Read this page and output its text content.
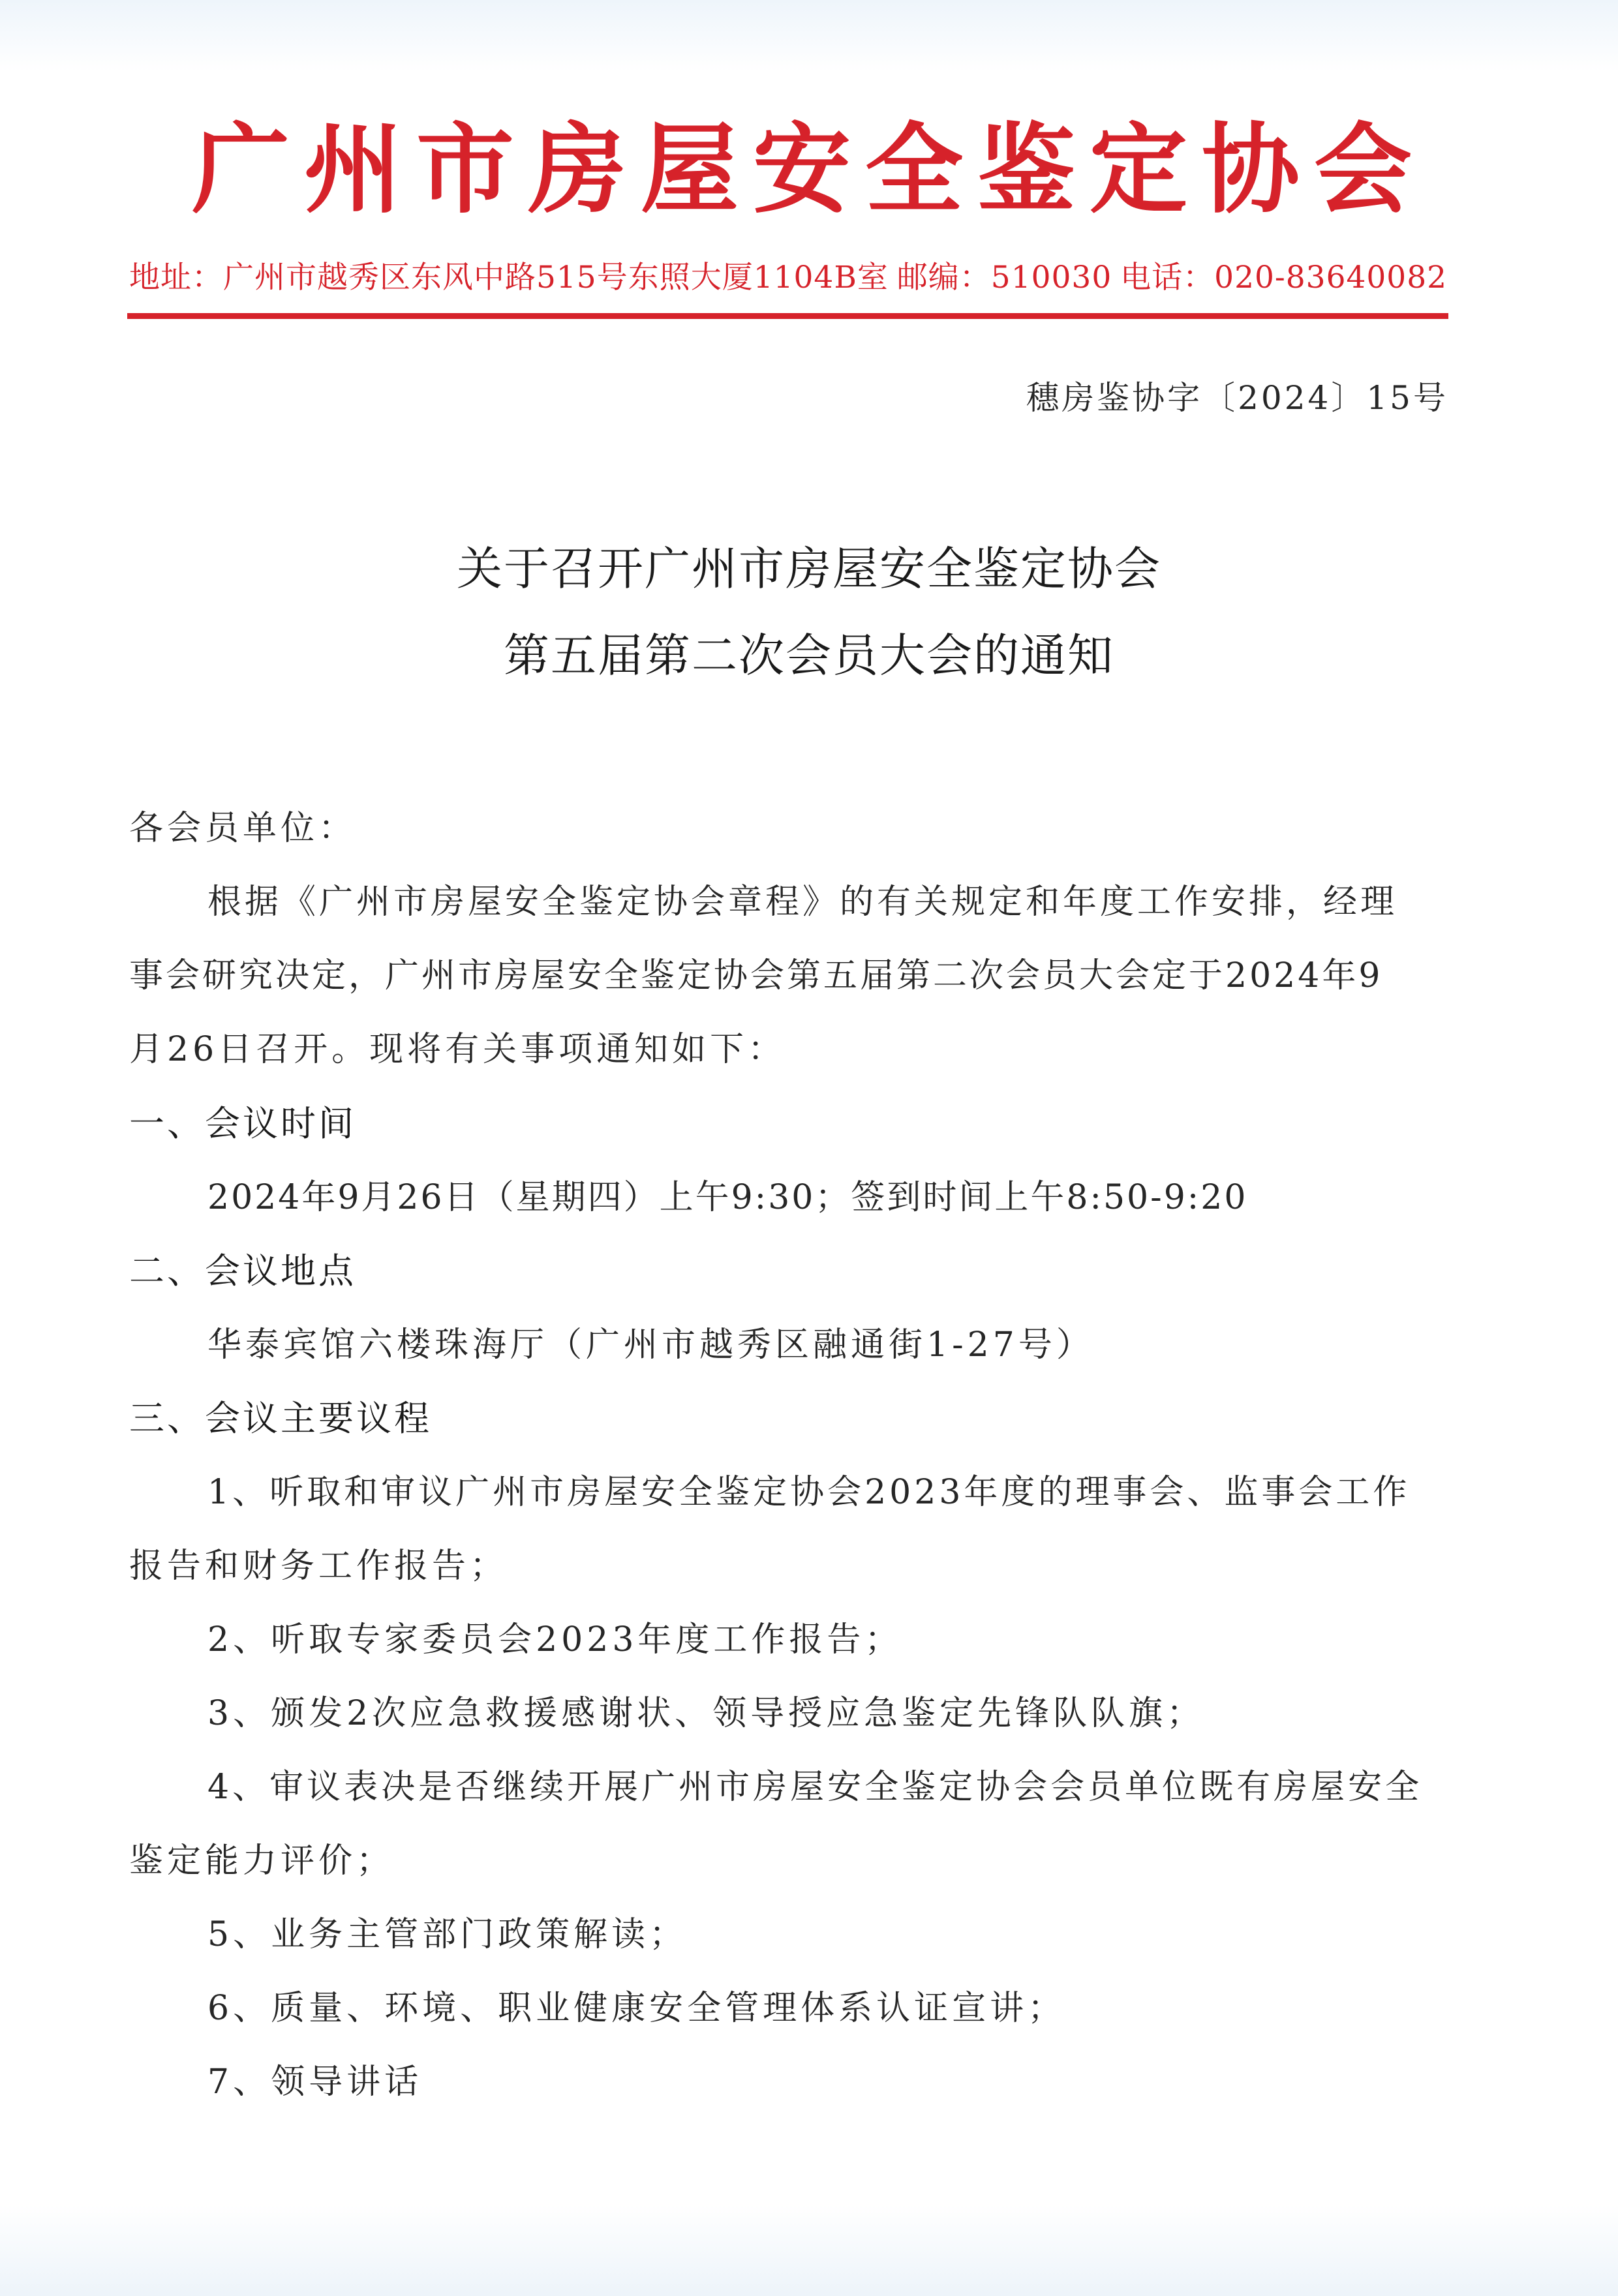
广州市房屋安全鉴定协会
地址：广州市越秀区东风中路515号东照大厦1104B室 邮编：510030 电话：020-83640082
穗房鉴协字〔2024〕15号
关于召开广州市房屋安全鉴定协会
第五届第二次会员大会的通知
各会员单位：
根据《广州市房屋安全鉴定协会章程》的有关规定和年度工作安排，经理
事会研究决定，广州市房屋安全鉴定协会第五届第二次会员大会定于2024年9
月26日召开。现将有关事项通知如下：
一、会议时间
2024年9月26日（星期四）上午9:30；签到时间上午8:50-9:20
二、会议地点
华泰宾馆六楼珠海厅（广州市越秀区融通街1-27号）
三、会议主要议程
1、听取和审议广州市房屋安全鉴定协会2023年度的理事会、监事会工作
报告和财务工作报告；
2、听取专家委员会2023年度工作报告；
3、颁发2次应急救援感谢状、领导授应急鉴定先锋队队旗；
4、审议表决是否继续开展广州市房屋安全鉴定协会会员单位既有房屋安全
鉴定能力评价；
5、业务主管部门政策解读；
6、质量、环境、职业健康安全管理体系认证宣讲；
7、领导讲话
